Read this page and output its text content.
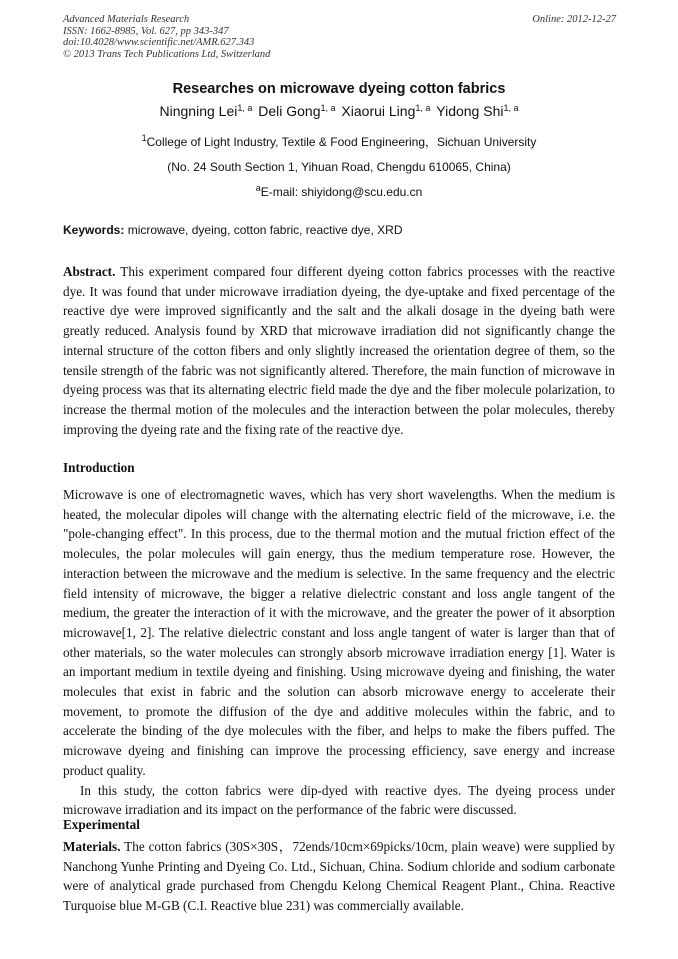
Advanced Materials Research
ISSN: 1662-8985, Vol. 627, pp 343-347
doi:10.4028/www.scientific.net/AMR.627.343
© 2013 Trans Tech Publications Ltd, Switzerland
Online: 2012-12-27
Researches on microwave dyeing cotton fabrics
Ningning Lei$^{1, a}$ Deli Gong$^{1, a}$ Xiaorui Ling$^{1, a}$ Yidong Shi$^{1, a}$
$^1$College of Light Industry, Textile & Food Engineering，Sichuan University
(No. 24 South Section 1, Yihuan Road, Chengdu 610065, China)
$^a$E-mail: shiyidong@scu.edu.cn
Keywords: microwave, dyeing, cotton fabric, reactive dye, XRD

Abstract. This experiment compared four different dyeing cotton fabrics processes with the reactive dye. It was found that under microwave irradiation dyeing, the dye-uptake and fixed percentage of the reactive dye were improved significantly and the salt and the alkali dosage in the dyeing bath were greatly reduced. Analysis found by XRD that microwave irradiation did not significantly change the internal structure of the cotton fibers and only slightly increased the orientation degree of them, so the tensile strength of the fabric was not significantly altered. Therefore, the main function of microwave in dyeing process was that its alternating electric field made the dye and the fiber molecule polarization, to increase the thermal motion of the molecules and the interaction between the polar molecules, thereby improving the dyeing rate and the fixing rate of the reactive dye.

Introduction

Microwave is one of electromagnetic waves, which has very short wavelengths. When the medium is heated, the molecular dipoles will change with the alternating electric field of the microwave, i.e. the "pole-changing effect". In this process, due to the thermal motion and the mutual friction effect of the molecules, the polar molecules will gain energy, thus the medium temperature rose. However, the interaction between the microwave and the medium is selective. In the same frequency and the electric field intensity of microwave, the bigger a relative dielectric constant and loss angle tangent of the medium, the greater the interaction of it with the microwave, and the greater the power of it absorption microwave[1, 2]. The relative dielectric constant and loss angle tangent of water is larger than that of other materials, so the water molecules can strongly absorb microwave irradiation energy [1]. Water is an important medium in textile dyeing and finishing. Using microwave dyeing and finishing, the water molecules that exist in fabric and the solution can absorb microwave energy to accelerate their movement, to promote the diffusion of the dye and additive molecules within the fabric, and to accelerate the binding of the dye molecules with the fiber, and helps to make the fibers puffed. The microwave dyeing and finishing can improve the processing efficiency, save energy and increase product quality.

In this study, the cotton fabrics were dip-dyed with reactive dyes. The dyeing process under microwave irradiation and its impact on the performance of the fabric were discussed.

Experimental

Materials. The cotton fabrics (30S×30S，72ends/10cm×69picks/10cm, plain weave) were supplied by Nanchong Yunhe Printing and Dyeing Co. Ltd., Sichuan, China. Sodium chloride and sodium carbonate were of analytical grade purchased from Chengdu Kelong Chemical Reagent Plant., China. Reactive Turquoise blue M-GB (C.I. Reactive blue 231) was commercially available.
